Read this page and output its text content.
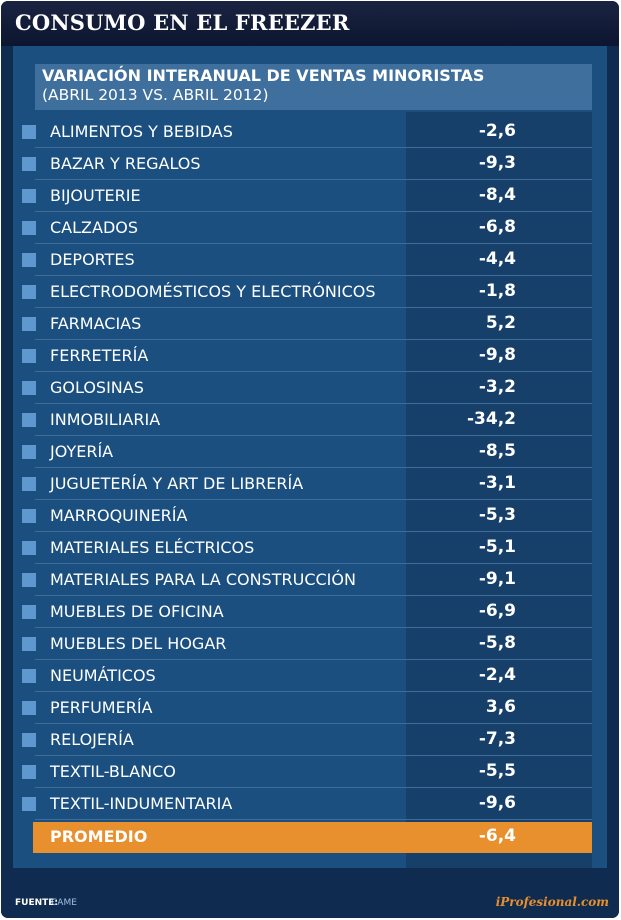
CONSUMO EN EL FREEZER
VARIACIÓN INTERANUAL DE VENTAS MINORISTAS
(ABRIL 2013 VS. ABRIL 2012)
ALIMENTOS Y BEBIDAS	-2,6
BAZAR Y REGALOS	-9,3
BIJOUTERIE	-8,4
CALZADOS	-6,8
DEPORTES	-4,4
ELECTRODOMÉSTICOS Y ELECTRÓNICOS	-1,8
FARMACIAS	5,2
FERRETERÍA	-9,8
GOLOSINAS	-3,2
INMOBILIARIA	-34,2
JOYERÍA	-8,5
JUGUETERÍA Y ART DE LIBRERÍA	-3,1
MARROQUINERÍA	-5,3
MATERIALES ELÉCTRICOS	-5,1
MATERIALES PARA LA CONSTRUCCIÓN	-9,1
MUEBLES DE OFICINA	-6,9
MUEBLES DEL HOGAR	-5,8
NEUMÁTICOS	-2,4
PERFUMERÍA	3,6
RELOJERÍA	-7,3
TEXTIL-BLANCO	-5,5
TEXTIL-INDUMENTARIA	-9,6
PROMEDIO	-6,4
FUENTE:
CAME	iProfesional.com
